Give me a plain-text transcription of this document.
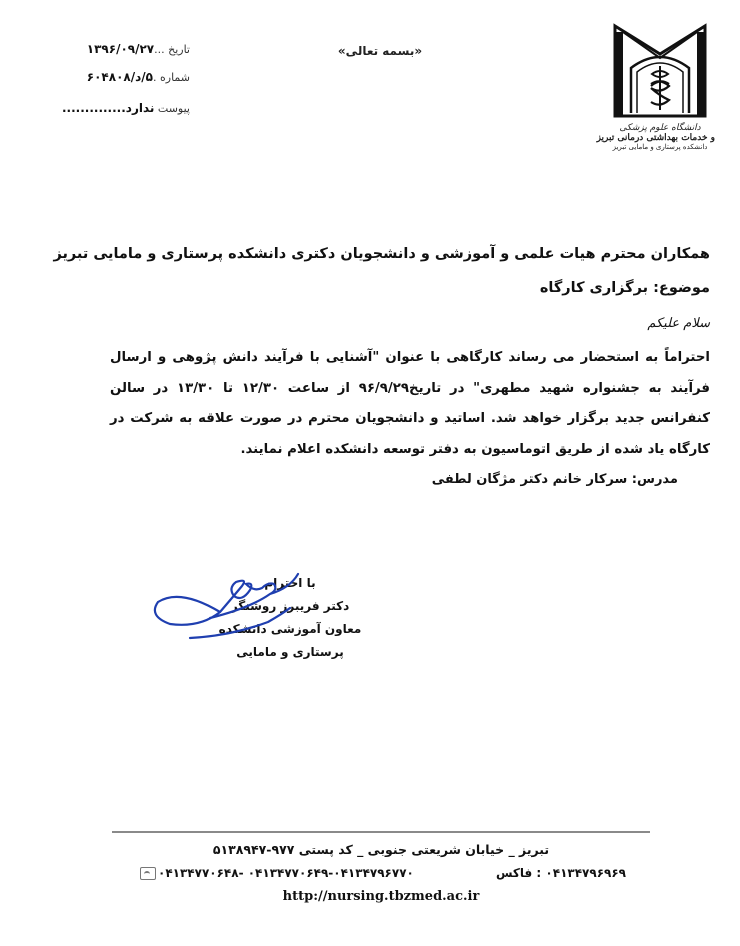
تاریخ ...۱۳۹۶/۰۹/۲۷
شماره .۵/د/۶۰۴۸۰۸
پیوست ندارد..............
«بسمه تعالی»
دانشگاه علوم پزشکی
و خدمات بهداشتی درمانی تبریز
دانشکده پرستاری و مامایی تبریز
همکاران محترم هیات علمی و آموزشی و دانشجویان دکتری دانشکده پرستاری و مامایی تبریز
موضوع: برگزاری کارگاه
سلام علیکم
احتراماً به استحضار می رساند کارگاهی با عنوان "آشنایی با فرآیند دانش پژوهی و ارسال فرآیند به جشنواره شهید مطهری" در تاریخ۹۶/۹/۲۹ از ساعت ۱۲/۳۰ تا ۱۳/۳۰ در سالن کنفرانس جدید برگزار خواهد شد. اساتید و دانشجویان محترم در صورت علاقه به شرکت در کارگاه یاد شده از طریق اتوماسیون به دفتر توسعه دانشکده اعلام نمایند.
مدرس: سرکار خانم دکتر مژگان لطفی
با احترام
دکتر فریبرز روشنگر
معاون آموزشی دانشکده
پرستاری و مامایی
تبریز _ خیابان شریعتی جنوبی _ کد پستی ۹۷۷-۵۱۳۸۹۴۷
۰۴۱۳۴۷۷۰۶۴۸- ۰۴۱۳۴۷۷۰۶۴۹-۰۴۱۳۴۷۹۶۷۷۰	۰۴۱۳۴۷۹۶۹۶۹ : فاکس
http://nursing.tbzmed.ac.ir
